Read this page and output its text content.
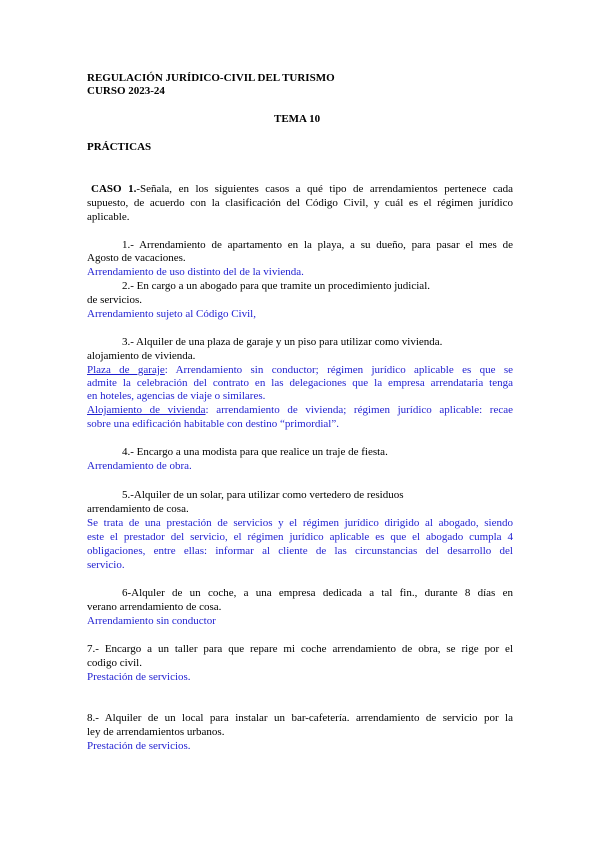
REGULACIÓN JURÍDICO-CIVIL DEL TURISMO
CURSO 2023-24
TEMA 10
PRÁCTICAS
CASO 1.-Señala, en los siguientes casos a qué tipo de arrendamientos pertenece cada
supuesto, de acuerdo con la clasificación del Código Civil, y cuál es el régimen jurídico
aplicable.
1.- Arrendamiento de apartamento en la playa, a su dueño, para pasar el mes de
Agosto de vacaciones.
Arrendamiento de uso distinto del de la vivienda.
2.- En cargo a un abogado para que tramite un procedimiento judicial.
de servicios.
Arrendamiento sujeto al Código Civil,
3.- Alquiler de una plaza de garaje y un piso para utilizar como vivienda.
alojamiento de vivienda.
Plaza de garaje: Arrendamiento sin conductor; régimen jurídico aplicable es que se
admite la celebración del contrato en las delegaciones que la empresa arrendataria tenga
en hoteles, agencias de viaje o similares.
Alojamiento de vivienda: arrendamiento de vivienda; régimen jurídico aplicable: recae
sobre una edificación habitable con destino “primordial”.
4.- Encargo a una modista para que realice un traje de fiesta.
Arrendamiento de obra.
5.-Alquiler de un solar, para utilizar como vertedero de residuos
arrendamiento de cosa.
Se trata de una prestación de servicios y el régimen jurídico dirigido al abogado, siendo
este el prestador del servicio, el régimen jurídico aplicable es que el abogado cumpla 4
obligaciones, entre ellas: informar al cliente de las circunstancias del desarrollo del
servicio.
6-Alquler de un coche, a una empresa dedicada a tal fin., durante 8 días en
verano arrendamiento de cosa.
Arrendamiento sin conductor
7.- Encargo a un taller para que repare mi coche arrendamiento de obra, se rige por el
codigo civil.
Prestación de servicios.
8.- Alquiler de un local para instalar un bar-cafetería. arrendamiento de servicio por la
ley de arrendamientos urbanos.
Prestación de servicios.
